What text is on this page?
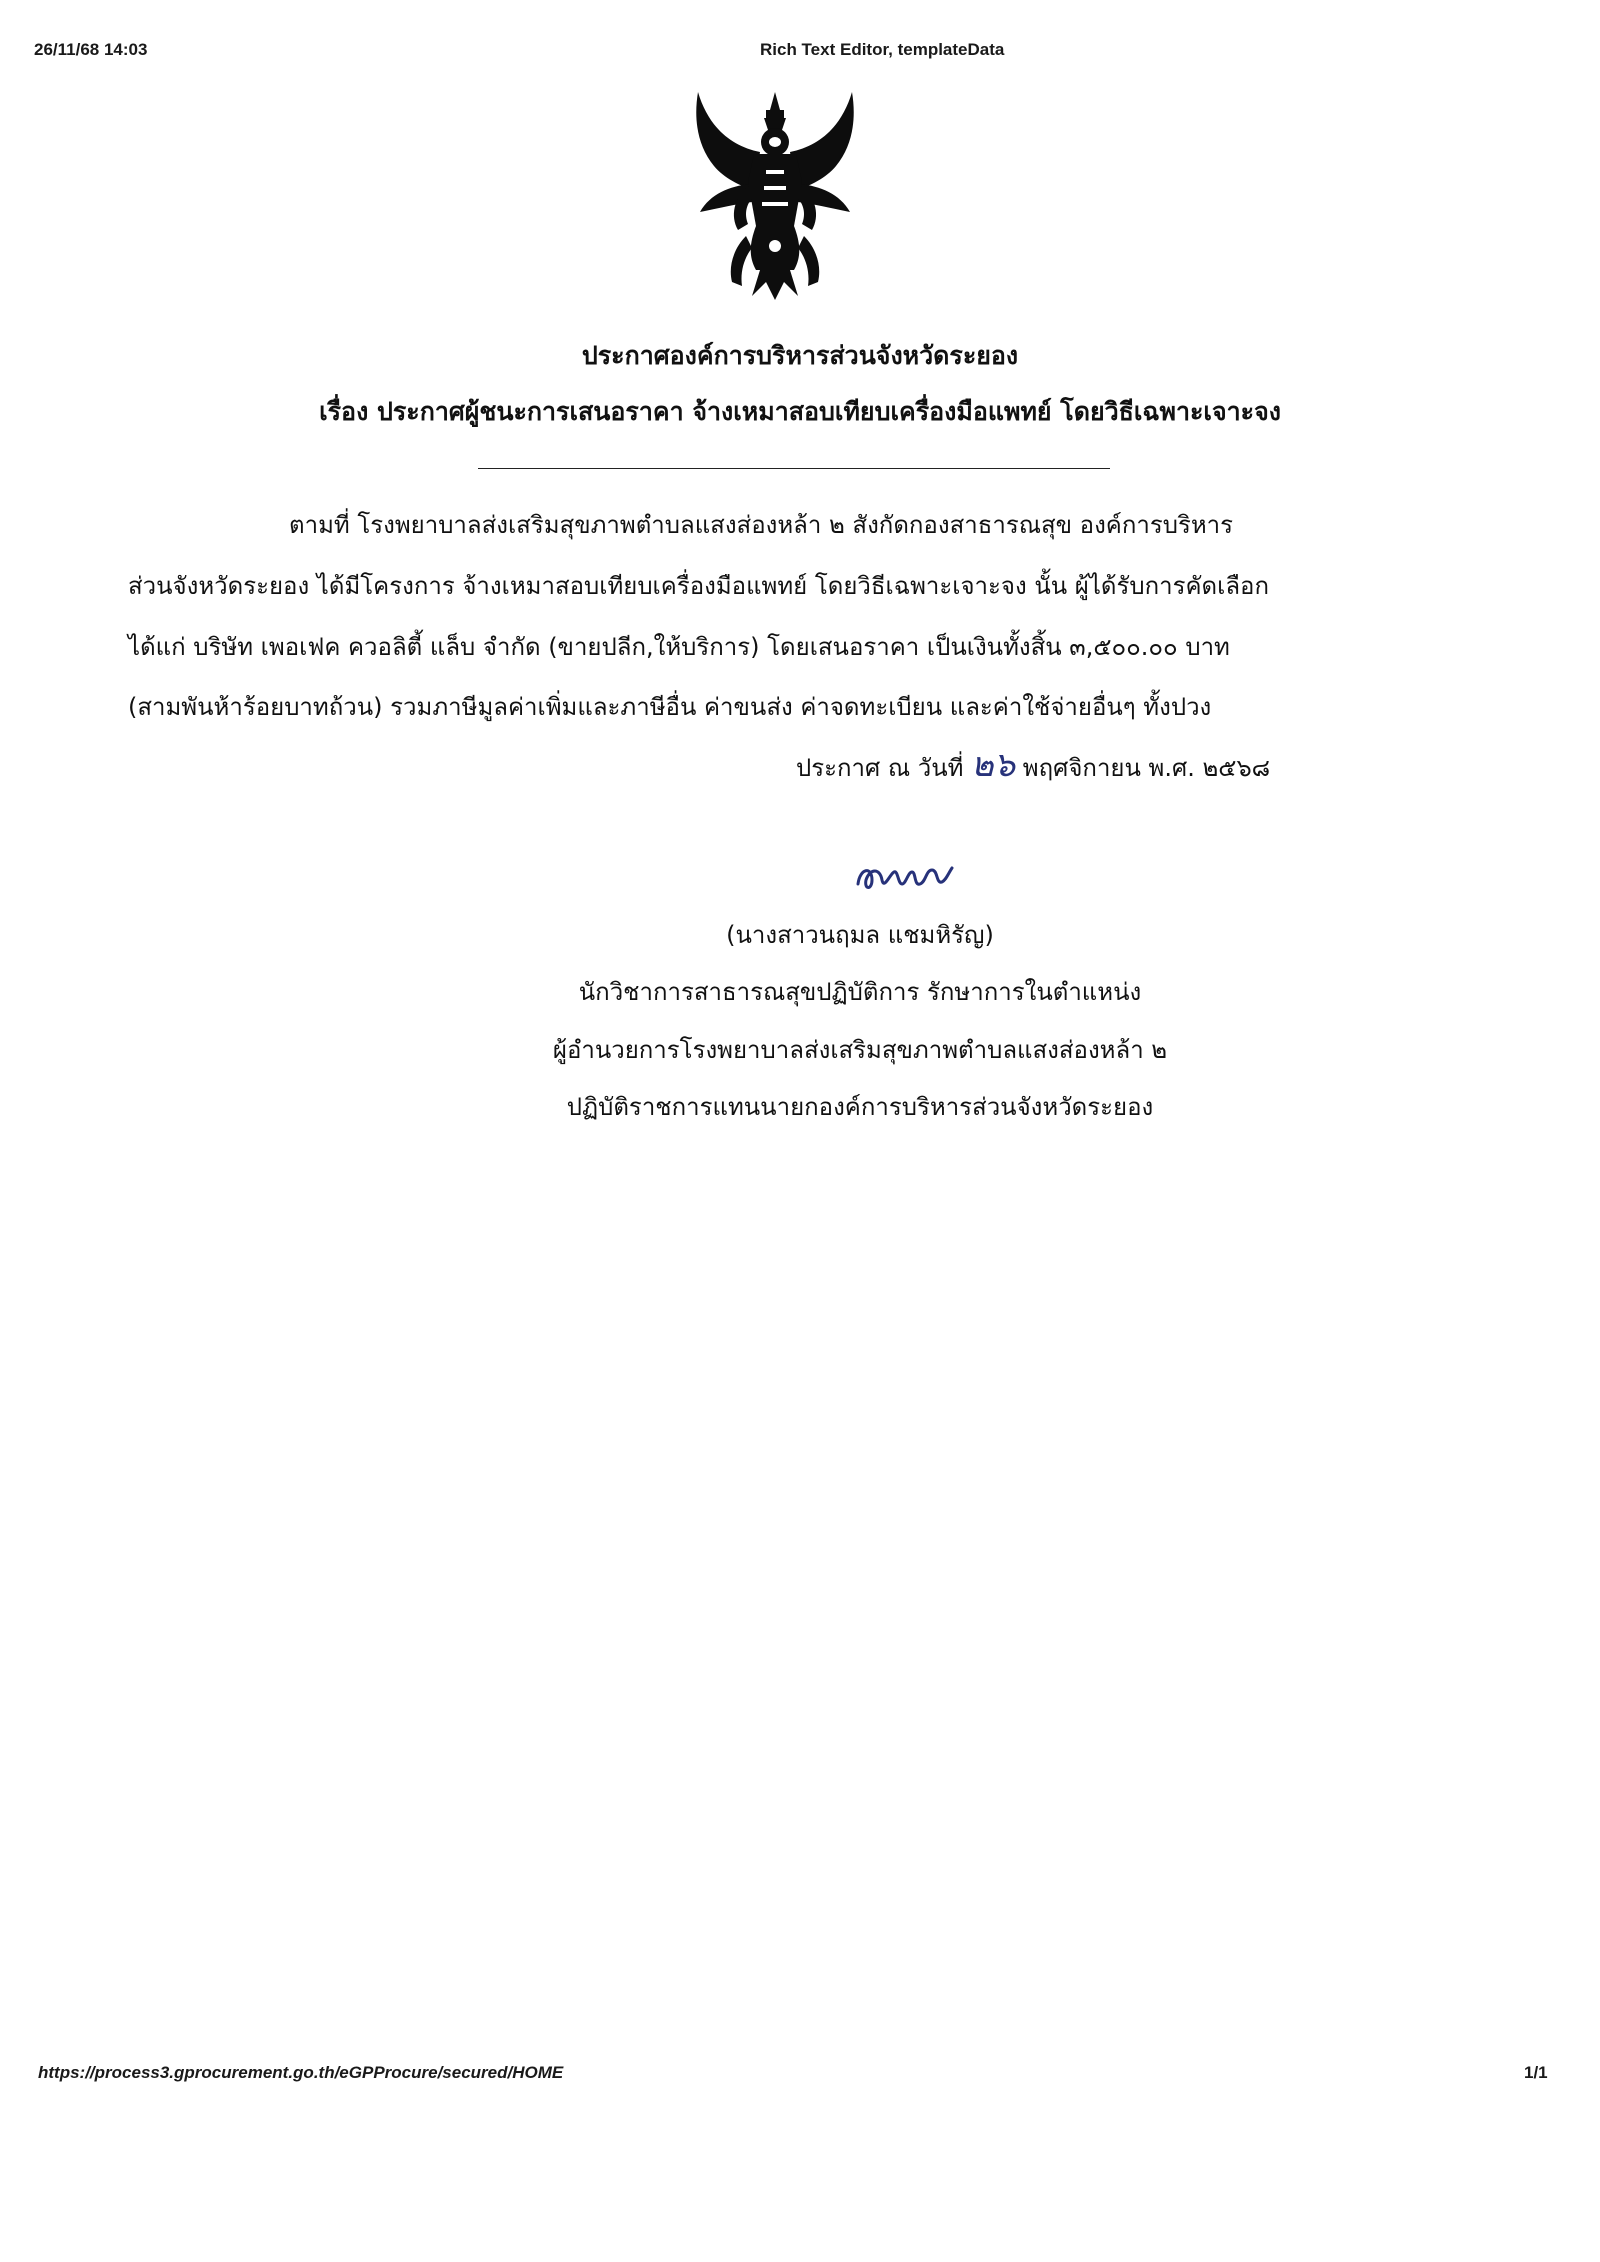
26/11/68 14:03	Rich Text Editor, templateData
ประกาศองค์การบริหารส่วนจังหวัดระยอง
เรื่อง ประกาศผู้ชนะการเสนอราคา จ้างเหมาสอบเทียบเครื่องมือแพทย์ โดยวิธีเฉพาะเจาะจง
ตามที่ โรงพยาบาลส่งเสริมสุขภาพตำบลแสงส่องหล้า ๒ สังกัดกองสาธารณสุข องค์การบริหาร
ส่วนจังหวัดระยอง ได้มีโครงการ จ้างเหมาสอบเทียบเครื่องมือแพทย์ โดยวิธีเฉพาะเจาะจง นั้น ผู้ได้รับการคัดเลือก
ได้แก่ บริษัท เพอเฟค ควอลิตี้ แล็บ จำกัด (ขายปลีก,ให้บริการ) โดยเสนอราคา เป็นเงินทั้งสิ้น ๓,๕๐๐.๐๐ บาท
(สามพันห้าร้อยบาทถ้วน) รวมภาษีมูลค่าเพิ่มและภาษีอื่น ค่าขนส่ง ค่าจดทะเบียน และค่าใช้จ่ายอื่นๆ ทั้งปวง
ประกาศ ณ วันที่ ๒๖ พฤศจิกายน พ.ศ. ๒๕๖๘
(นางสาวนฤมล แชมหิรัญ)
นักวิชาการสาธารณสุขปฏิบัติการ รักษาการในตำแหน่ง
ผู้อำนวยการโรงพยาบาลส่งเสริมสุขภาพตำบลแสงส่องหล้า ๒
ปฏิบัติราชการแทนนายกองค์การบริหารส่วนจังหวัดระยอง
https://process3.gprocurement.go.th/eGPProcure/secured/HOME	1/1
